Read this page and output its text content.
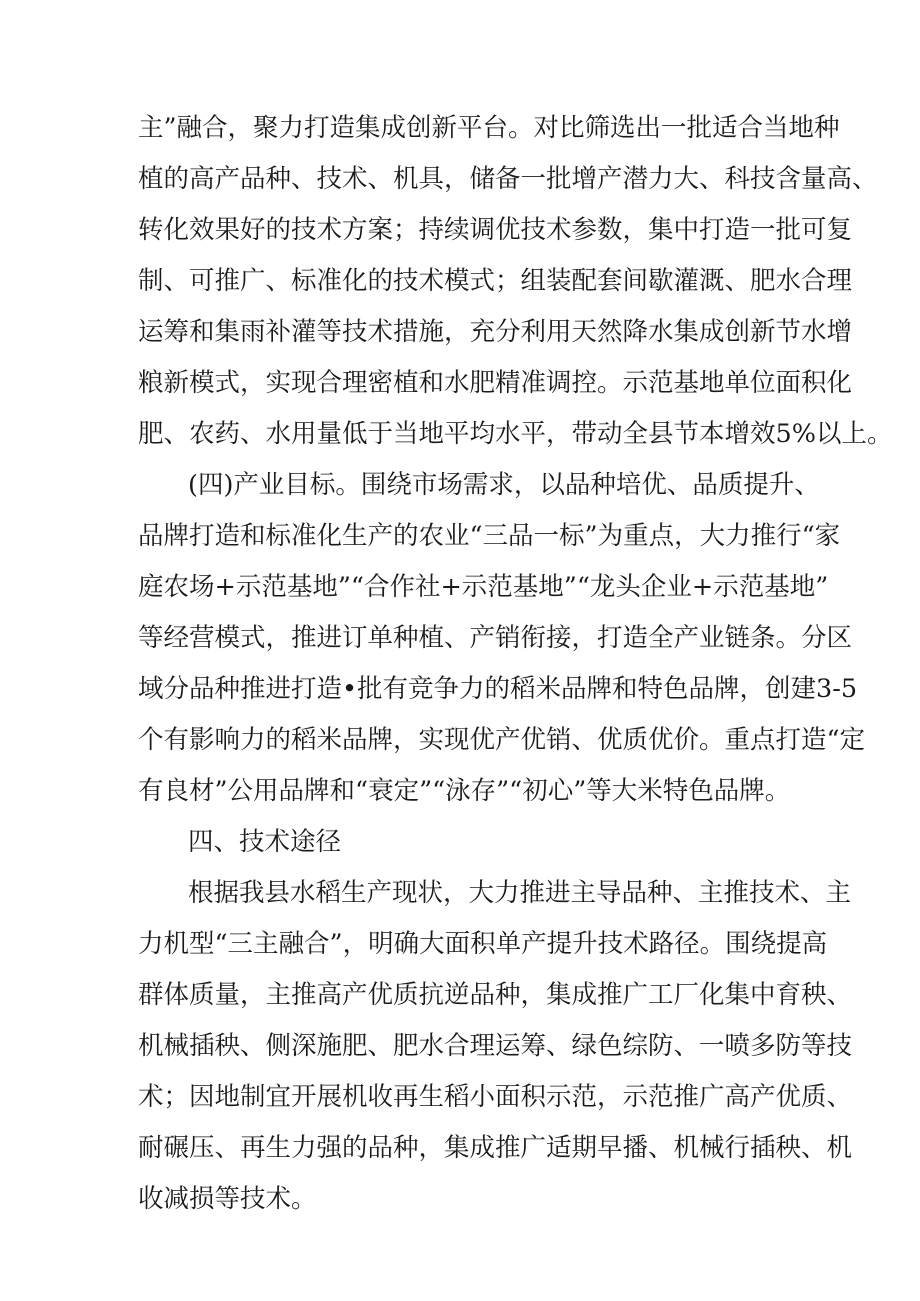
主”融合，聚力打造集成创新平台。对比筛选出一批适合当地种
植的高产品种、技术、机具，储备一批增产潜力大、科技含量高、
转化效果好的技术方案；持续调优技术参数，集中打造一批可复
制、可推广、标准化的技术模式；组装配套间歇灌溉、肥水合理
运筹和集雨补灌等技术措施，充分利用天然降水集成创新节水增
粮新模式，实现合理密植和水肥精准调控。示范基地单位面积化
肥、农药、水用量低于当地平均水平，带动全县节本增效5%以上。
(四)产业目标。围绕市场需求，以品种培优、品质提升、
品牌打造和标准化生产的农业“三品一标”为重点，大力推行“家
庭农场+示范基地”“合作社+示范基地”“龙头企业+示范基地”
等经营模式，推进订单种植、产销衔接，打造全产业链条。分区
域分品种推进打造•批有竞争力的稻米品牌和特色品牌，创建3-5
个有影响力的稻米品牌，实现优产优销、优质优价。重点打造“定
有良材”公用品牌和“衰定”“泳存”“初心”等大米特色品牌。
四、技术途径
根据我县水稻生产现状，大力推进主导品种、主推技术、主
力机型“三主融合”，明确大面积单产提升技术路径。围绕提高
群体质量，主推高产优质抗逆品种，集成推广工厂化集中育秧、
机械插秧、侧深施肥、肥水合理运筹、绿色综防、一喷多防等技
术；因地制宜开展机收再生稻小面积示范，示范推广高产优质、
耐碾压、再生力强的品种，集成推广适期早播、机械行插秧、机
收减损等技术。
